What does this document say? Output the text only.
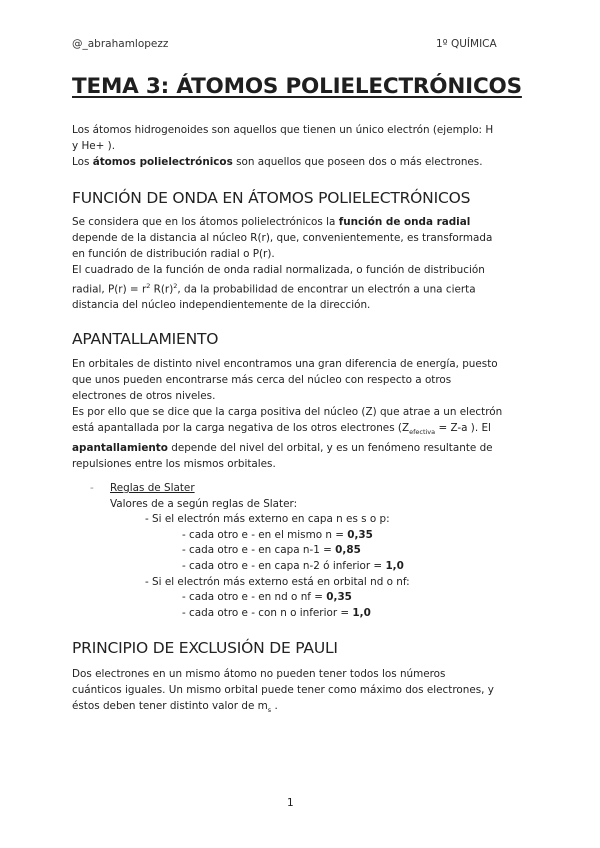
@_abrahamlopezz	1º QUÍMICA
TEMA 3: ÁTOMOS POLIELECTRÓNICOS

Los átomos hidrogenoides son aquellos que tienen un único electrón (ejemplo: H

y He+ ).

Los átomos polielectrónicos son aquellos que poseen dos o más electrones.

FUNCIÓN DE ONDA EN ÁTOMOS POLIELECTRÓNICOS

Se considera que en los átomos polielectrónicos la función de onda radial

depende de la distancia al núcleo R(r), que, convenientemente, es transformada

en función de distribución radial o P(r).

El cuadrado de la función de onda radial normalizada, o función de distribución

radial, $P(r) = r^2$ $R(r)^2$, da la probabilidad de encontrar un electrón a una cierta

distancia del núcleo independientemente de la dirección.

APANTALLAMIENTO

En orbitales de distinto nivel encontramos una gran diferencia de energía, puesto

que unos pueden encontrarse más cerca del núcleo con respecto a otros

electrones de otros niveles.

Es por ello que se dice que la carga positiva del núcleo (Z) que atrae a un electrón

está apantallada por la carga negativa de los otros electrones ($Z_{efectiva} = Z-a$ ). El

apantallamiento depende del nivel del orbital, y es un fenómeno resultante de

repulsiones entre los mismos orbitales.

- Reglas de Slater
Valores de a según reglas de Slater:
- Si el electrón más externo en capa n es s o p:
- cada otro e - en el mismo n = 0,35
- cada otro e - en capa n-1 = 0,85
- cada otro e - en capa n-2 ó inferior = 1,0
- Si el electrón más externo está en orbital nd o nf:
- cada otro e - en nd o nf = 0,35
- cada otro e - con n o inferior = 1,0
PRINCIPIO DE EXCLUSIÓN DE PAULI

Dos electrones en un mismo átomo no pueden tener todos los números

cuánticos iguales. Un mismo orbital puede tener como máximo dos electrones, y

éstos deben tener distinto valor de $m_s$ .

1
